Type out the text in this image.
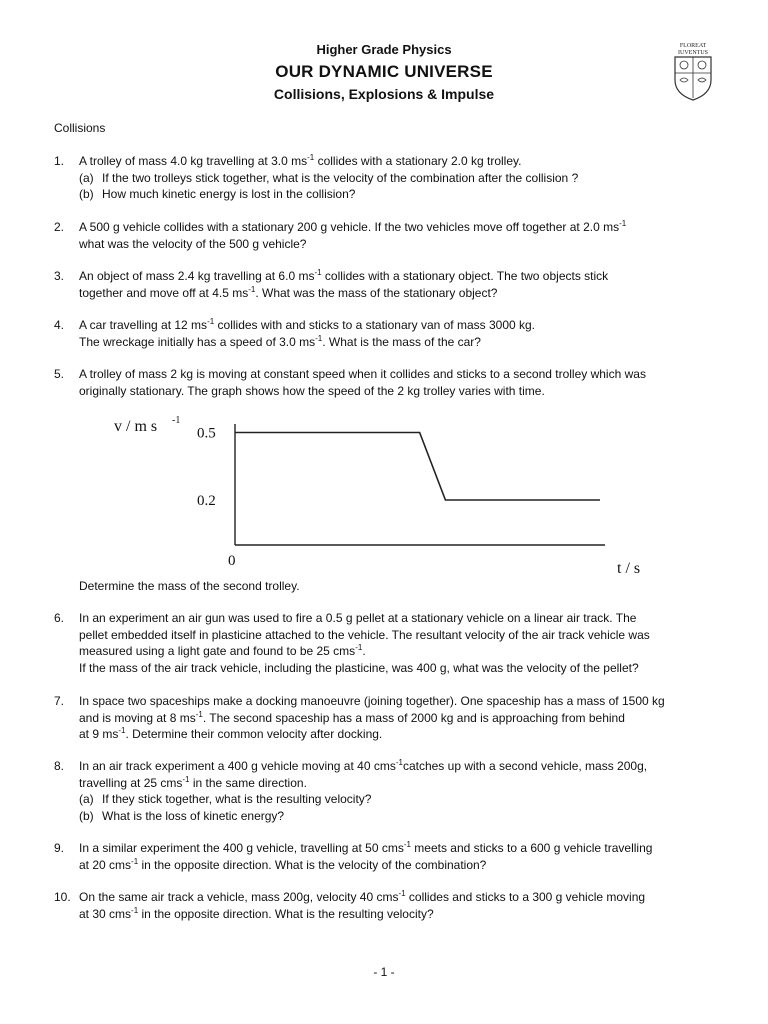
Higher Grade Physics
OUR DYNAMIC UNIVERSE
Collisions, Explosions & Impulse
FLOREAT
IUVENTUS
Collisions
1. A trolley of mass 4.0 kg travelling at 3.0 $ms^{-1}$ collides with a stationary 2.0 kg trolley.
(a) If the two trolleys stick together, what is the velocity of the combination after the collision ?
(b) How much kinetic energy is lost in the collision?
2. A 500 g vehicle collides with a stationary 200 g vehicle. If the two vehicles move off together at 2.0 $ms^{-1}$
what was the velocity of the 500 g vehicle?
3. An object of mass 2.4 kg travelling at 6.0 $ms^{-1}$ collides with a stationary object. The two objects stick
together and move off at 4.5 $ms^{-1}$. What was the mass of the stationary object?
4. A car travelling at 12 $ms^{-1}$ collides with and sticks to a stationary van of mass 3000 kg.
The wreckage initially has a speed of 3.0 $ms^{-1}$. What is the mass of the car?
5. A trolley of mass 2 kg is moving at constant speed when it collides and sticks to a second trolley which was
originally stationary. The graph shows how the speed of the 2 kg trolley varies with time.
v / m s -1
0	t / s
0.5
0.2
Determine the mass of the second trolley.
6. In an experiment an air gun was used to fire a 0.5 g pellet at a stationary vehicle on a linear air track. The
pellet embedded itself in plasticine attached to the vehicle. The resultant velocity of the air track vehicle was
measured using a light gate and found to be 25 cms$^{-1}$.
If the mass of the air track vehicle, including the plasticine, was 400 g, what was the velocity of the pellet?
7. In space two spaceships make a docking manoeuvre (joining together). One spaceship has a mass of 1500 kg
and is moving at 8 $ms^{-1}$. The second spaceship has a mass of 2000 kg and is approaching from behind
at 9 $ms^{-1}$. Determine their common velocity after docking.
8. In an air track experiment a 400 g vehicle moving at 40 cms$^{-1}$catches up with a second vehicle, mass 200g,
travelling at 25 cms$^{-1}$ in the same direction.
(a) If they stick together, what is the resulting velocity?
(b) What is the loss of kinetic energy?
9. In a similar experiment the 400 g vehicle, travelling at 50 cms$^{-1}$ meets and sticks to a 600 g vehicle travelling
at 20 cms$^{-1}$ in the opposite direction. What is the velocity of the combination?
10. On the same air track a vehicle, mass 200g, velocity 40 cms$^{-1}$ collides and sticks to a 300 g vehicle moving
at 30 cms$^{-1}$ in the opposite direction. What is the resulting velocity?
- 1 -
